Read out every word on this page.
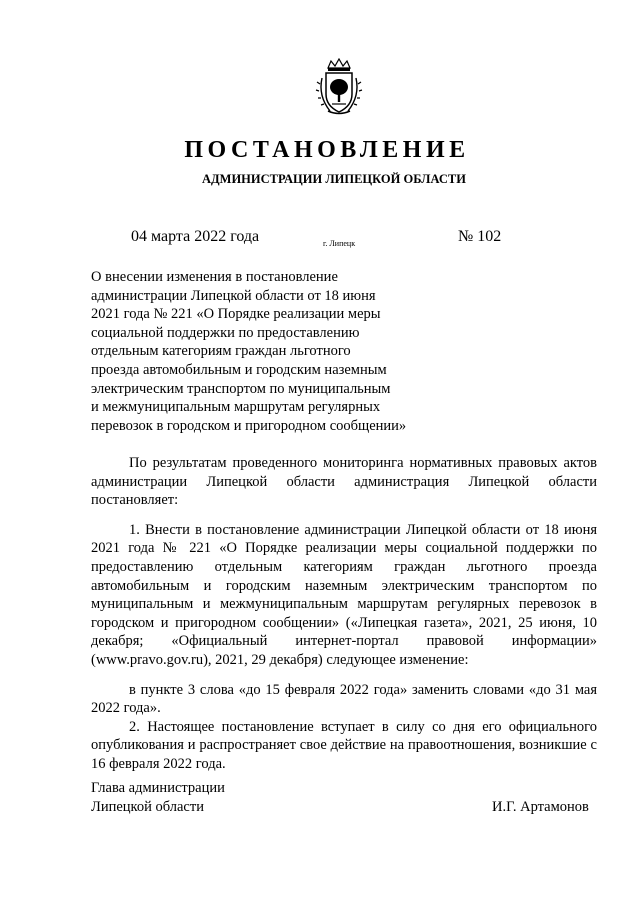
ПОСТАНОВЛЕНИЕ
АДМИНИСТРАЦИИ ЛИПЕЦКОЙ ОБЛАСТИ
04 марта 2022 года	г. Липецк	№ 102
О внесении изменения в постановление
администрации Липецкой области от 18 июня
2021 года № 221 «О Порядке реализации меры
социальной поддержки по предоставлению
отдельным категориям граждан льготного
проезда автомобильным и городским наземным
электрическим транспортом по муниципальным
и межмуниципальным маршрутам регулярных
перевозок в городском и пригородном сообщении»

По результатам проведенного мониторинга нормативных правовых актов администрации Липецкой области администрация Липецкой области постановляет:

1. Внести в постановление администрации Липецкой области от 18 июня 2021 года № 221 «О Порядке реализации меры социальной поддержки по предоставлению отдельным категориям граждан льготного проезда автомобильным и городским наземным электрическим транспортом по муниципальным и межмуниципальным маршрутам регулярных перевозок в городском и пригородном сообщении» («Липецкая газета», 2021, 25 июня, 10 декабря; «Официальный интернет-портал правовой информации» (www.pravo.gov.ru), 2021, 29 декабря) следующее изменение:

в пункте 3 слова «до 15 февраля 2022 года» заменить словами «до 31 мая 2022 года».

2. Настоящее постановление вступает в силу со дня его официального опубликования и распространяет свое действие на правоотношения, возникшие с 16 февраля 2022 года.

Глава администрации
Липецкой области	И.Г. Артамонов
